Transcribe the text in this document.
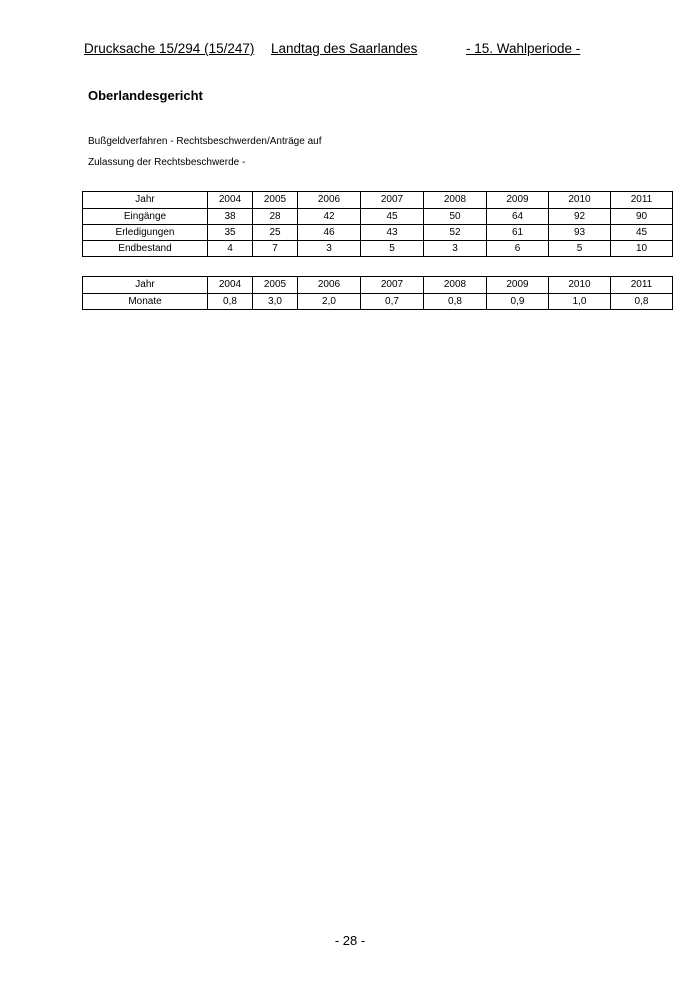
Drucksache 15/294 (15/247) Landtag des Saarlandes	- 15. Wahlperiode -
Oberlandesgericht
Bußgeldverfahren - Rechtsbeschwerden/Anträge auf
Zulassung der Rechtsbeschwerde -
Jahr	2004	2005	2006	2007	2008	2009	2010	2011
Eingänge	38	28	42	45	50	64	92	90
Erledigungen	35	25	46	43	52	61	93	45
Endbestand	4	7	3	5	3	6	5	10
Jahr	2004	2005	2006	2007	2008	2009	2010	2011
Monate	0,8	3,0	2,0	0,7	0,8	0,9	1,0	0,8
- 28 -
